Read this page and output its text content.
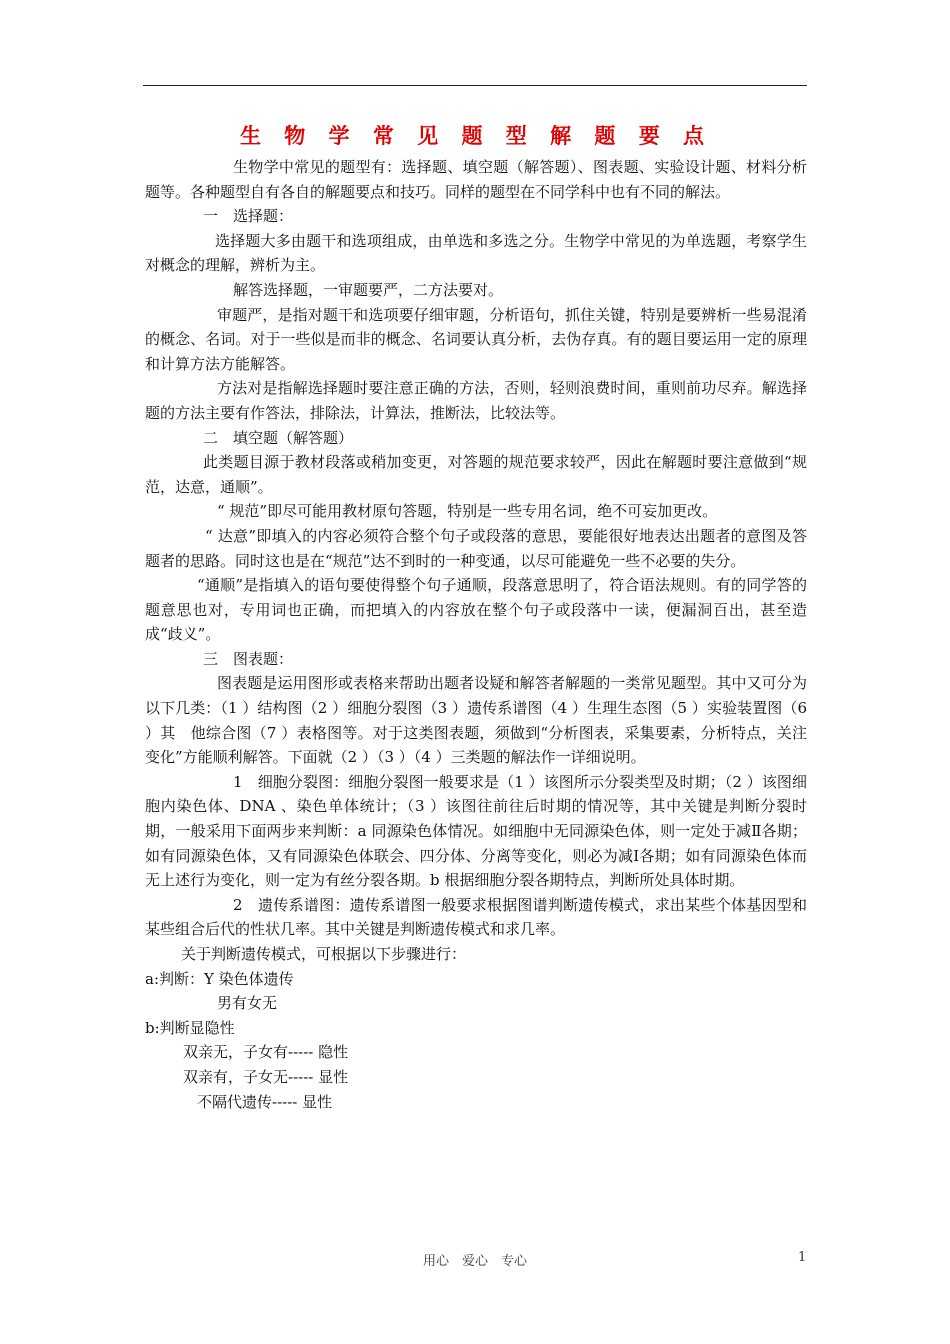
生 物 学 常 见 题 型 解 题 要 点

生物学中常见的题型有：选择题、填空题（解答题）、图表题、实验设计题、材料分析题等。各种题型自有各自的解题要点和技巧。同样的题型在不同学科中也有不同的解法。

一　选择题：

选择题大多由题干和选项组成，由单选和多选之分。生物学中常见的为单选题，考察学生对概念的理解，辨析为主。

解答选择题，一审题要严，二方法要对。

审题严，是指对题干和选项要仔细审题，分析语句，抓住关键，特别是要辨析一些易混淆的概念、名词。对于一些似是而非的概念、名词要认真分析，去伪存真。有的题目要运用一定的原理和计算方法方能解答。

方法对是指解选择题时要注意正确的方法，否则，轻则浪费时间，重则前功尽弃。解选择题的方法主要有作答法，排除法，计算法，推断法，比较法等。

二　填空题（解答题）

此类题目源于教材段落或稍加变更，对答题的规范要求较严，因此在解题时要注意做到“规范，达意，通顺”。

“ 规范”即尽可能用教材原句答题，特别是一些专用名词，绝不可妄加更改。

“ 达意”即填入的内容必须符合整个句子或段落的意思，要能很好地表达出题者的意图及答题者的思路。同时这也是在“规范”达不到时的一种变通，以尽可能避免一些不必要的失分。

“通顺”是指填入的语句要使得整个句子通顺，段落意思明了，符合语法规则。有的同学答的题意思也对，专用词也正确，而把填入的内容放在整个句子或段落中一读，便漏洞百出，甚至造成“歧义”。

三　图表题：

图表题是运用图形或表格来帮助出题者设疑和解答者解题的一类常见题型。其中又可分为以下几类：（1 ）结构图（2 ）细胞分裂图（3 ）遗传系谱图（4 ）生理生态图（5 ）实验装置图（6 ）其　他综合图（7 ）表格图等。对于这类图表题，须做到“分析图表，采集要素，分析特点，关注变化”方能顺利解答。下面就（2 ）（3 ）（4 ）三类题的解法作一详细说明。

1　细胞分裂图：细胞分裂图一般要求是（1 ）该图所示分裂类型及时期；（2 ）该图细胞内染色体、DNA 、染色单体统计；（3 ）该图往前往后时期的情况等，其中关键是判断分裂时期，一般采用下面两步来判断：a 同源染色体情况。如细胞中无同源染色体，则一定处于减Ⅱ各期；如有同源染色体，又有同源染色体联会、四分体、分离等变化，则必为减Ⅰ各期；如有同源染色体而无上述行为变化，则一定为有丝分裂各期。b 根据细胞分裂各期特点，判断所处具体时期。

2　遗传系谱图：遗传系谱图一般要求根据图谱判断遗传模式，求出某些个体基因型和某些组合后代的性状几率。其中关键是判断遗传模式和求几率。

关于判断遗传模式，可根据以下步骤进行：

a:判断：Y 染色体遗传

男有女无

b:判断显隐性

双亲无，子女有----- 隐性

双亲有，子女无----- 显性

不隔代遗传----- 显性

用心　爱心　专心	1
